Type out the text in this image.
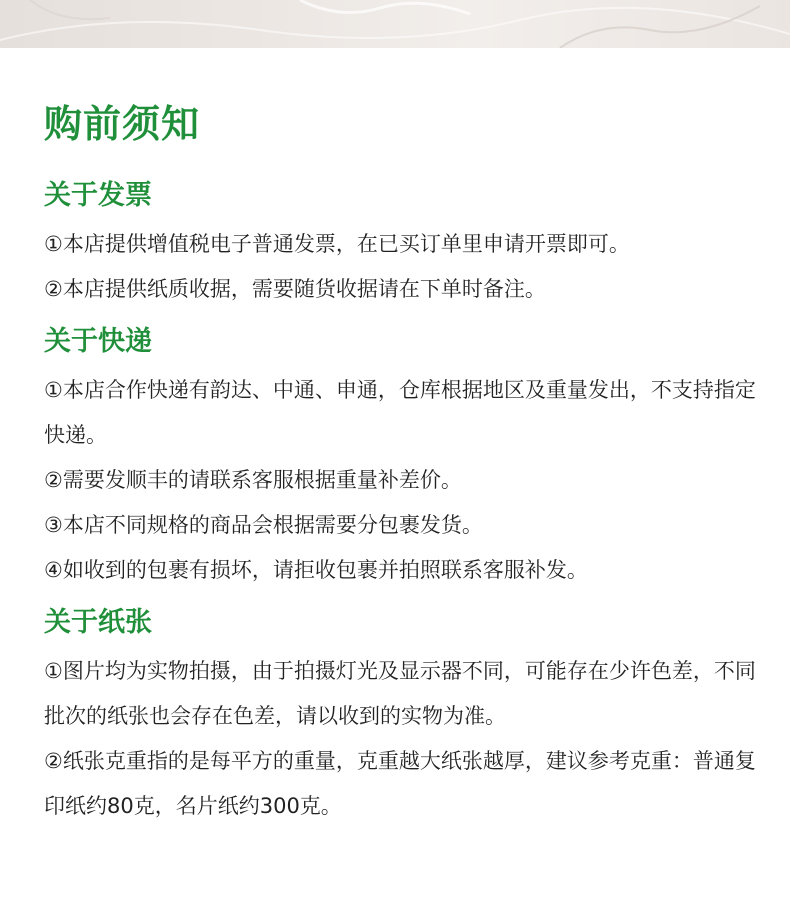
购前须知
关于发票

①本店提供增值税电子普通发票，在已买订单里申请开票即可。

②本店提供纸质收据，需要随货收据请在下单时备注。

关于快递

①本店合作快递有韵达、中通、申通，仓库根据地区及重量发出，不支持指定快递。

②需要发顺丰的请联系客服根据重量补差价。

③本店不同规格的商品会根据需要分包裹发货。

④如收到的包裹有损坏，请拒收包裹并拍照联系客服补发。

关于纸张

①图片均为实物拍摄，由于拍摄灯光及显示器不同，可能存在少许色差，不同批次的纸张也会存在色差，请以收到的实物为准。

②纸张克重指的是每平方的重量，克重越大纸张越厚，建议参考克重：普通复印纸约80克，名片纸约300克。
